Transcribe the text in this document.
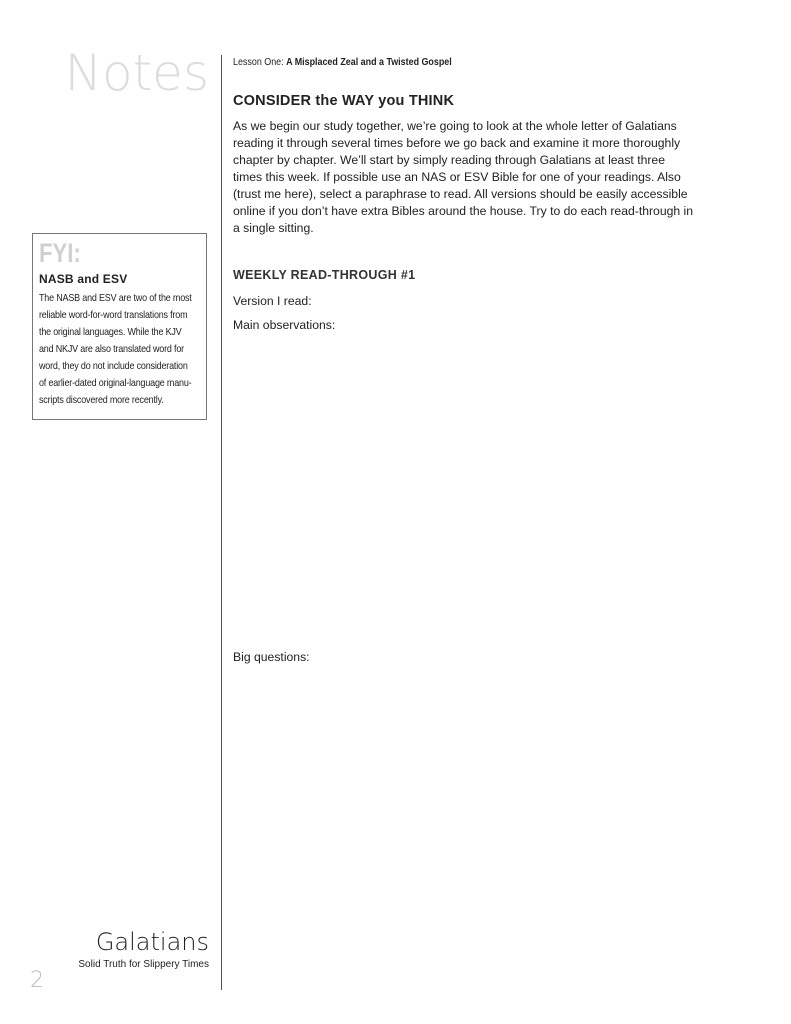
Notes
FYI:
NASB and ESV
The NASB and ESV are two of the most
reliable word-for-word translations from
the original languages. While the KJV
and NKJV are also translated word for
word, they do not include consideration
of earlier-dated original-language manu-
scripts discovered more recently.
Lesson One: A Misplaced Zeal and a Twisted Gospel
CONSIDER the WAY you THINK
As we begin our study together, we’re going to look at the whole letter of Galatians
reading it through several times before we go back and examine it more thoroughly
chapter by chapter. We’ll start by simply reading through Galatians at least three
times this week. If possible use an NAS or ESV Bible for one of your readings. Also
(trust me here), select a paraphrase to read. All versions should be easily accessible
online if you don’t have extra Bibles around the house. Try to do each read-through in
a single sitting.
WEEKLY READ-THROUGH #1
Version I read:
Main observations:
Big questions:
Galatians
Solid Truth for Slippery Times
2
